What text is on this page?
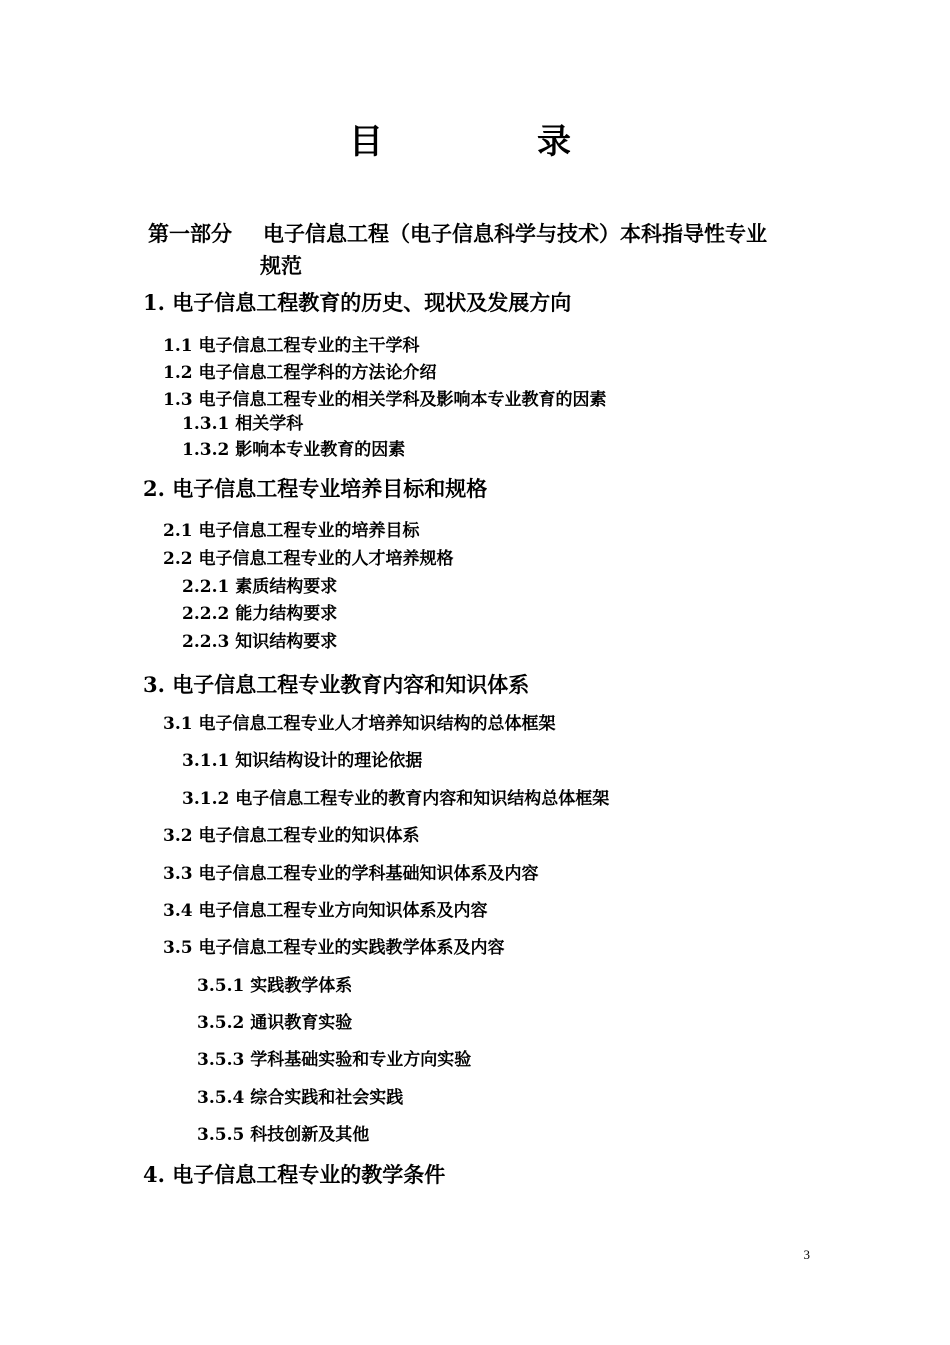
目　录
第一部分 电子信息工程（电子信息科学与技术）本科指导性专业
规范
1. 电子信息工程教育的历史、现状及发展方向
1.1 电子信息工程专业的主干学科
1.2 电子信息工程学科的方法论介绍
1.3 电子信息工程专业的相关学科及影响本专业教育的因素
1.3.1 相关学科
1.3.2 影响本专业教育的因素
2. 电子信息工程专业培养目标和规格
2.1 电子信息工程专业的培养目标
2.2 电子信息工程专业的人才培养规格
2.2.1 素质结构要求
2.2.2 能力结构要求
2.2.3 知识结构要求
3. 电子信息工程专业教育内容和知识体系
3.1 电子信息工程专业人才培养知识结构的总体框架
3.1.1 知识结构设计的理论依据
3.1.2 电子信息工程专业的教育内容和知识结构总体框架
3.2 电子信息工程专业的知识体系
3.3 电子信息工程专业的学科基础知识体系及内容
3.4 电子信息工程专业方向知识体系及内容
3.5 电子信息工程专业的实践教学体系及内容
3.5.1 实践教学体系
3.5.2 通识教育实验
3.5.3 学科基础实验和专业方向实验
3.5.4 综合实践和社会实践
3.5.5 科技创新及其他
4. 电子信息工程专业的教学条件
3
